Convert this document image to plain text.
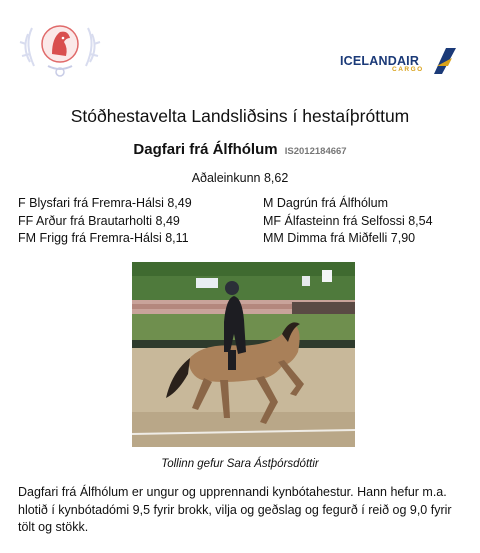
ICELANDAIR
CARGO
Stóðhestavelta Landsliðsins í hestaíþróttum
Dagfari frá Álfhólum IS2012184667
Aðaleinkunn 8,62
F Blysfari frá Fremra-Hálsi 8,49
FF Arður frá Brautarholti 8,49
FM Frigg frá Fremra-Hálsi 8,11
M Dagrún frá Álfhólum
MF Álfasteinn frá Selfossi 8,54
MM Dimma frá Miðfelli 7,90
Tollinn gefur Sara Ástþórsdóttir

Dagfari frá Álfhólum er ungur og upprennandi kynbótahestur. Hann hefur m.a. hlotið í kynbótadómi 9,5 fyrir brokk, vilja og geðslag og fegurð í reið og 9,0 fyrir tölt og stökk.
